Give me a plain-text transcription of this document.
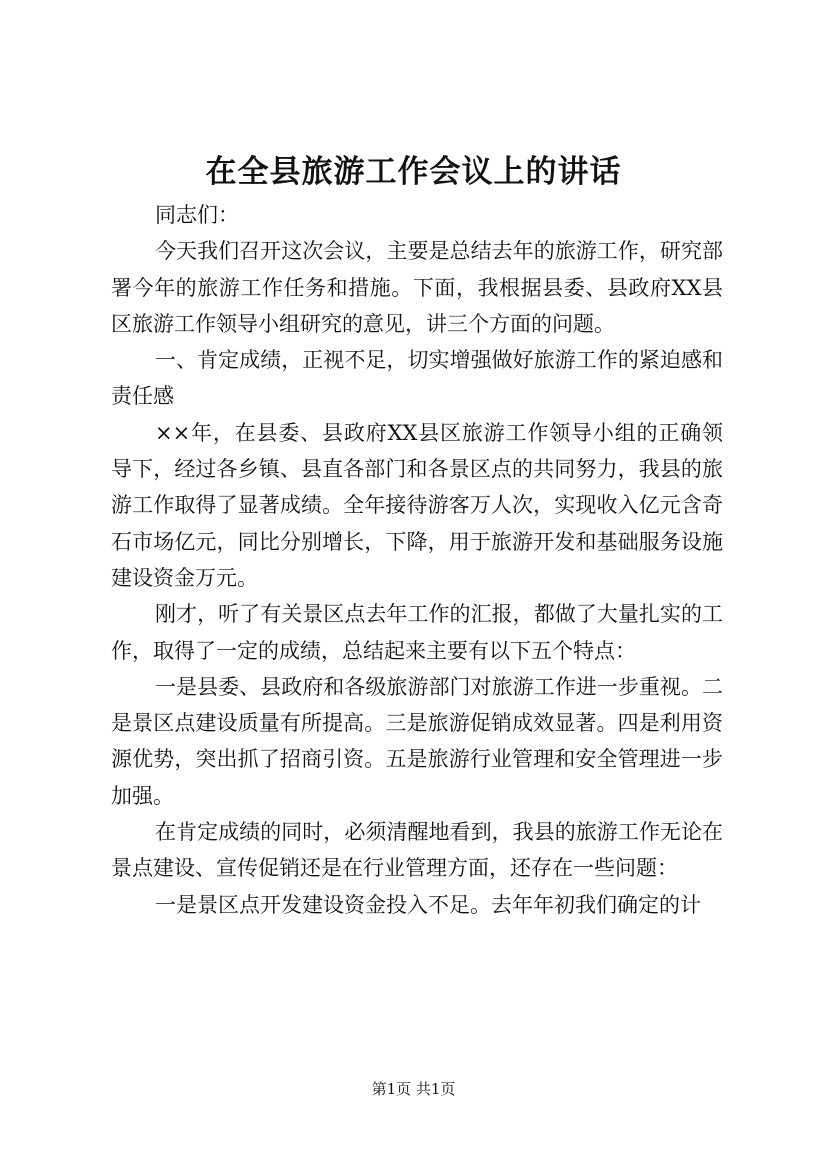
在全县旅游工作会议上的讲话

同志们：

今天我们召开这次会议，主要是总结去年的旅游工作，研究部署今年的旅游工作任务和措施。下面，我根据县委、县政府XX县区旅游工作领导小组研究的意见，讲三个方面的问题。

一、肯定成绩，正视不足，切实增强做好旅游工作的紧迫感和责任感

××年，在县委、县政府XX县区旅游工作领导小组的正确领导下，经过各乡镇、县直各部门和各景区点的共同努力，我县的旅游工作取得了显著成绩。全年接待游客万人次，实现收入亿元含奇石市场亿元，同比分别增长，下降，用于旅游开发和基础服务设施建设资金万元。

刚才，听了有关景区点去年工作的汇报，都做了大量扎实的工作，取得了一定的成绩，总结起来主要有以下五个特点：

一是县委、县政府和各级旅游部门对旅游工作进一步重视。二是景区点建设质量有所提高。三是旅游促销成效显著。四是利用资源优势，突出抓了招商引资。五是旅游行业管理和安全管理进一步加强。

在肯定成绩的同时，必须清醒地看到，我县的旅游工作无论在景点建设、宣传促销还是在行业管理方面，还存在一些问题：

一是景区点开发建设资金投入不足。去年年初我们确定的计

第1页 共1页
